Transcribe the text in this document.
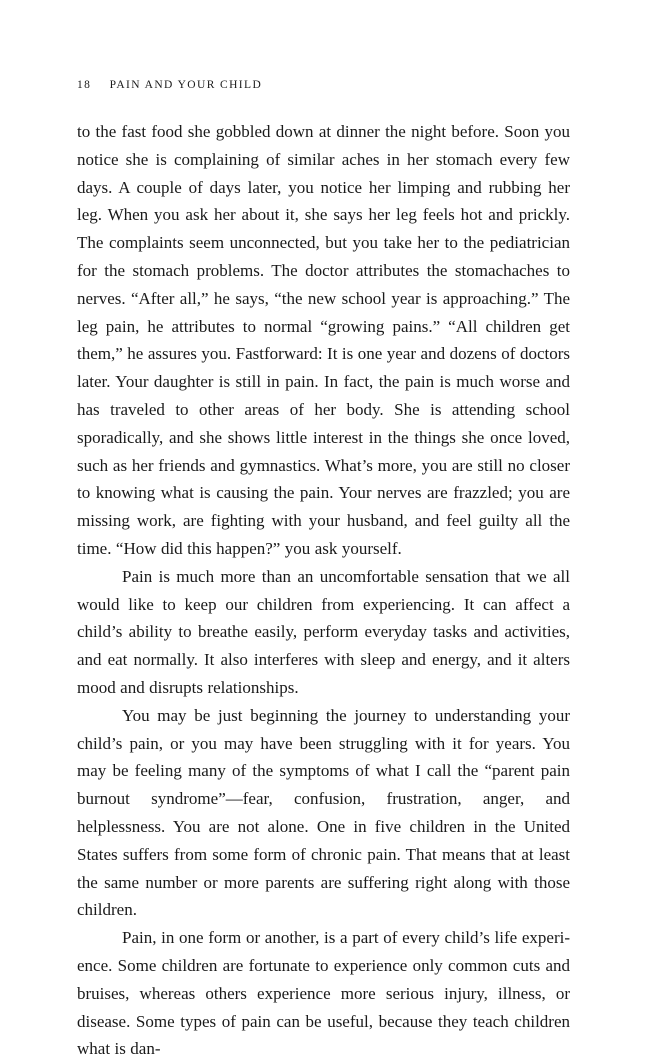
18 PAIN AND YOUR CHILD

to the fast food she gobbled down at dinner the night before. Soon you notice she is complaining of similar aches in her stomach every few days. A couple of days later, you notice her limping and rubbing her leg. When you ask her about it, she says her leg feels hot and prickly. The complaints seem unconnected, but you take her to the pediatrician for the stomach problems. The doctor attributes the stomachaches to nerves. “After all,” he says, “the new school year is approaching.” The leg pain, he attributes to normal “growing pains.” “All children get them,” he assures you. Fastforward: It is one year and dozens of doctors later. Your daughter is still in pain. In fact, the pain is much worse and has traveled to other areas of her body. She is attending school sporadically, and she shows little interest in the things she once loved, such as her friends and gymnastics. What’s more, you are still no closer to knowing what is causing the pain. Your nerves are frazzled; you are missing work, are fighting with your husband, and feel guilty all the time. “How did this happen?” you ask yourself.

Pain is much more than an uncomfortable sensation that we all would like to keep our children from experiencing. It can affect a child’s ability to breathe easily, perform everyday tasks and activities, and eat normally. It also interferes with sleep and energy, and it alters mood and disrupts relationships.

You may be just beginning the journey to understanding your child’s pain, or you may have been struggling with it for years. You may be feeling many of the symptoms of what I call the “parent pain burnout syndrome”—fear, confusion, frustration, anger, and helplessness. You are not alone. One in five children in the United States suffers from some form of chronic pain. That means that at least the same number or more parents are suffering right along with those children.

Pain, in one form or another, is a part of every child’s life experience. Some children are fortunate to experience only common cuts and bruises, whereas others experience more serious injury, illness, or disease. Some types of pain can be useful, because they teach children what is dan-
